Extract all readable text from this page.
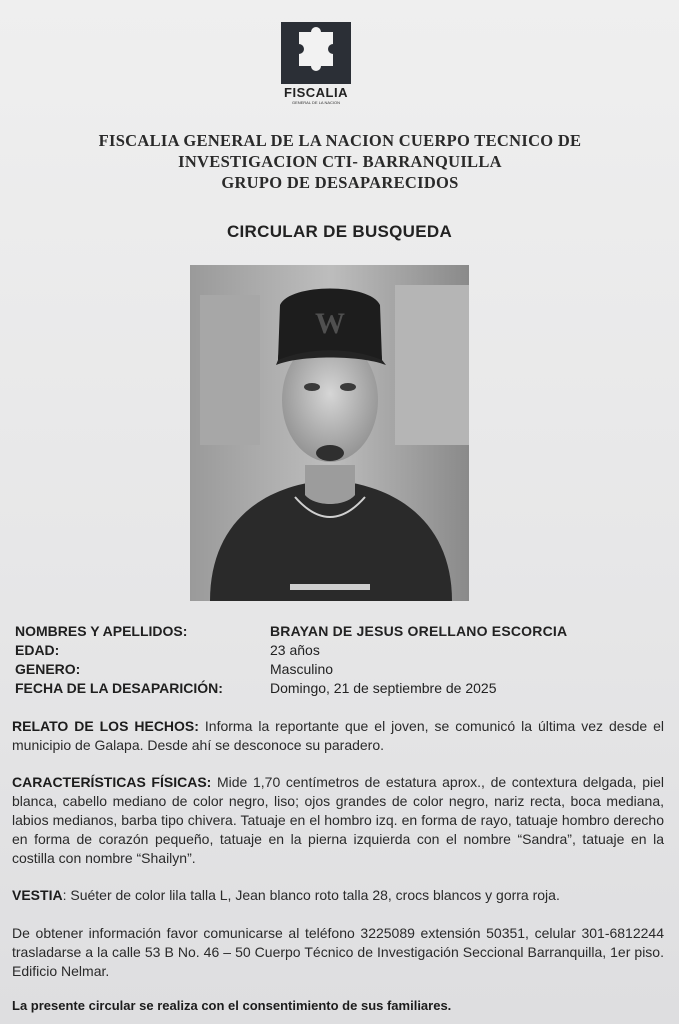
FISCALIA
GENERAL DE LA NACION
FISCALIA GENERAL DE LA NACION CUERPO TECNICO DE
INVESTIGACION CTI- BARRANQUILLA
GRUPO DE DESAPARECIDOS
CIRCULAR DE BUSQUEDA
W
NOMBRES Y APELLIDOS:	BRAYAN DE JESUS ORELLANO ESCORCIA
EDAD:	23 años
GENERO:	Masculino
FECHA DE LA DESAPARICIÓN:	Domingo, 21 de septiembre de 2025
RELATO DE LOS HECHOS: Informa la reportante que el joven, se comunicó la última vez desde el municipio de Galapa. Desde ahí se desconoce su paradero.
CARACTERÍSTICAS FÍSICAS: Mide 1,70 centímetros de estatura aprox., de contextura delgada, piel blanca, cabello mediano de color negro, liso; ojos grandes de color negro, nariz recta, boca mediana, labios medianos, barba tipo chivera. Tatuaje en el hombro izq. en forma de rayo, tatuaje hombro derecho en forma de corazón pequeño, tatuaje en la pierna izquierda con el nombre “Sandra”, tatuaje en la costilla con nombre “Shailyn”.
VESTIA: Suéter de color lila talla L, Jean blanco roto talla 28, crocs blancos y gorra roja.
De obtener información favor comunicarse al teléfono 3225089 extensión 50351, celular 301-6812244 trasladarse a la calle 53 B No. 46 – 50 Cuerpo Técnico de Investigación Seccional Barranquilla, 1er piso. Edificio Nelmar.
La presente circular se realiza con el consentimiento de sus familiares.
